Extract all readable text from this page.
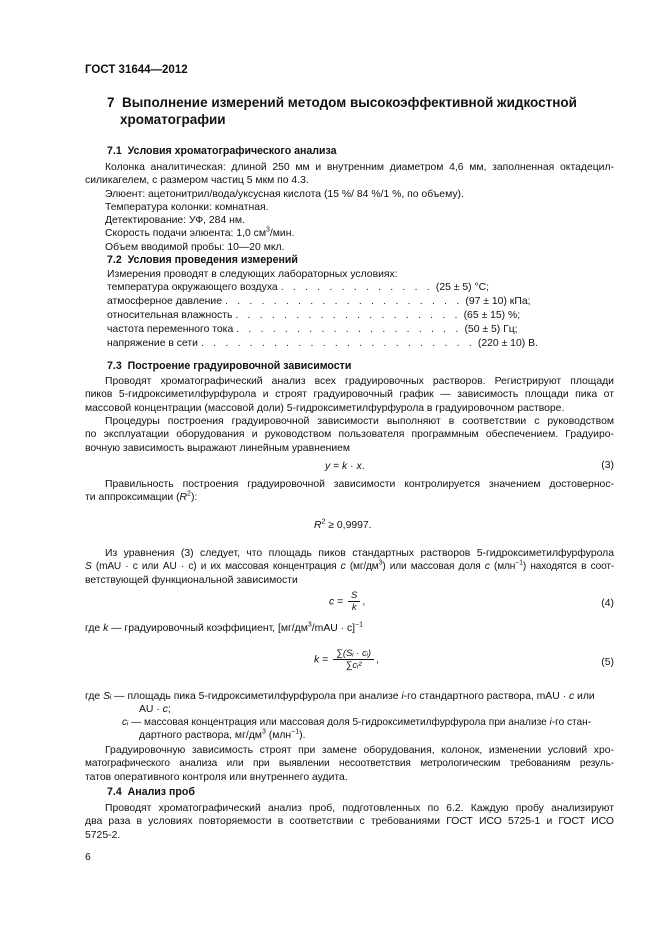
ГОСТ 31644—2012
7 Выполнение измерений методом высокоэффективной жидкостной
хроматографии
7.1 Условия хроматографического анализа
Колонка аналитическая: длиной 250 мм и внутренним диаметром 4,6 мм, заполненная октадецил-
силикагелем, с размером частиц 5 мкм по 4.3.
Элюент: ацетонитрил/вода/уксусная кислота (15 %/ 84 %/1 %, по объему).
Температура колонки: комнатная.
Детектирование: УФ, 284 нм.
Скорость подачи элюента: 1,0 $см^3$/мин.
Объем вводимой пробы: 10—20 мкл.
7.2 Условия проведения измерений
Измерения проводят в следующих лабораторных условиях:
температура окружающего воздуха . . . . . . . . . . . . . (25 ± 5) °С;
атмосферное давление . . . . . . . . . . . . . . . . . . . . (97 ± 10) кПа;
относительная влажность . . . . . . . . . . . . . . . . . . . (65 ± 15) %;
частота переменного тока . . . . . . . . . . . . . . . . . . . (50 ± 5) Гц;
напряжение в сети . . . . . . . . . . . . . . . . . . . . . . . (220 ± 10) В.
7.3 Построение градуировочной зависимости
Проводят хроматографический анализ всех градуировочных растворов. Регистрируют площади
пиков 5-гидроксиметилфурфурола и строят градуировочный график — зависимость площади пика от
массовой концентрации (массовой доли) 5-гидроксиметилфурфурола в градуировочном растворе.
Процедуры построения градуировочной зависимости выполняют в соответствии с руководством
по эксплуатации оборудования и руководством пользователя программным обеспечением. Градуиро-
вочную зависимость выражают линейным уравнением
y = k · x.	(3)
Правильность построения градуировочной зависимости контролируется значением достовернос-
ти аппроксимации $(R^2)$:
$R^2 \ge 0,9997$.
Из уравнения (3) следует, что площадь пиков стандартных растворов 5-гидроксиметилфурфурола
S (mAU · c или AU · c) и их массовая концентрация c $(мг/дм^3)$ или массовая доля c (млн$^{-1}$) находятся в соот-
ветствующей функциональной зависимости
$c = \frac{S}{k}$ ,	(4)
где k — градуировочный коэффициент, [$мг/дм^3$/mAU · $с]^{-1}$
$k = \frac{\text{∑(Sᵢ · cᵢ)}}{\text{∑cᵢ²}}$ ,	(5)
где Sᵢ — площадь пика 5-гидроксиметилфурфурола при анализе i-го стандартного раствора, mAU · c или
AU · c;
cᵢ — массовая концентрация или массовая доля 5-гидроксиметилфурфурола при анализе i-го стан-
дартного раствора, $мг/дм^3$ (млн$^{-1}$).
Градуировочную зависимость строят при замене оборудования, колонок, изменении условий хро-
матографического анализа или при выявлении несоответствия метрологическим требованиям резуль-
татов оперативного контроля или внутреннего аудита.
7.4 Анализ проб
Проводят хроматографический анализ проб, подготовленных по 6.2. Каждую пробу анализируют
два раза в условиях повторяемости в соответствии с требованиями ГОСТ ИСО 5725-1 и ГОСТ ИСО
5725-2.
6
